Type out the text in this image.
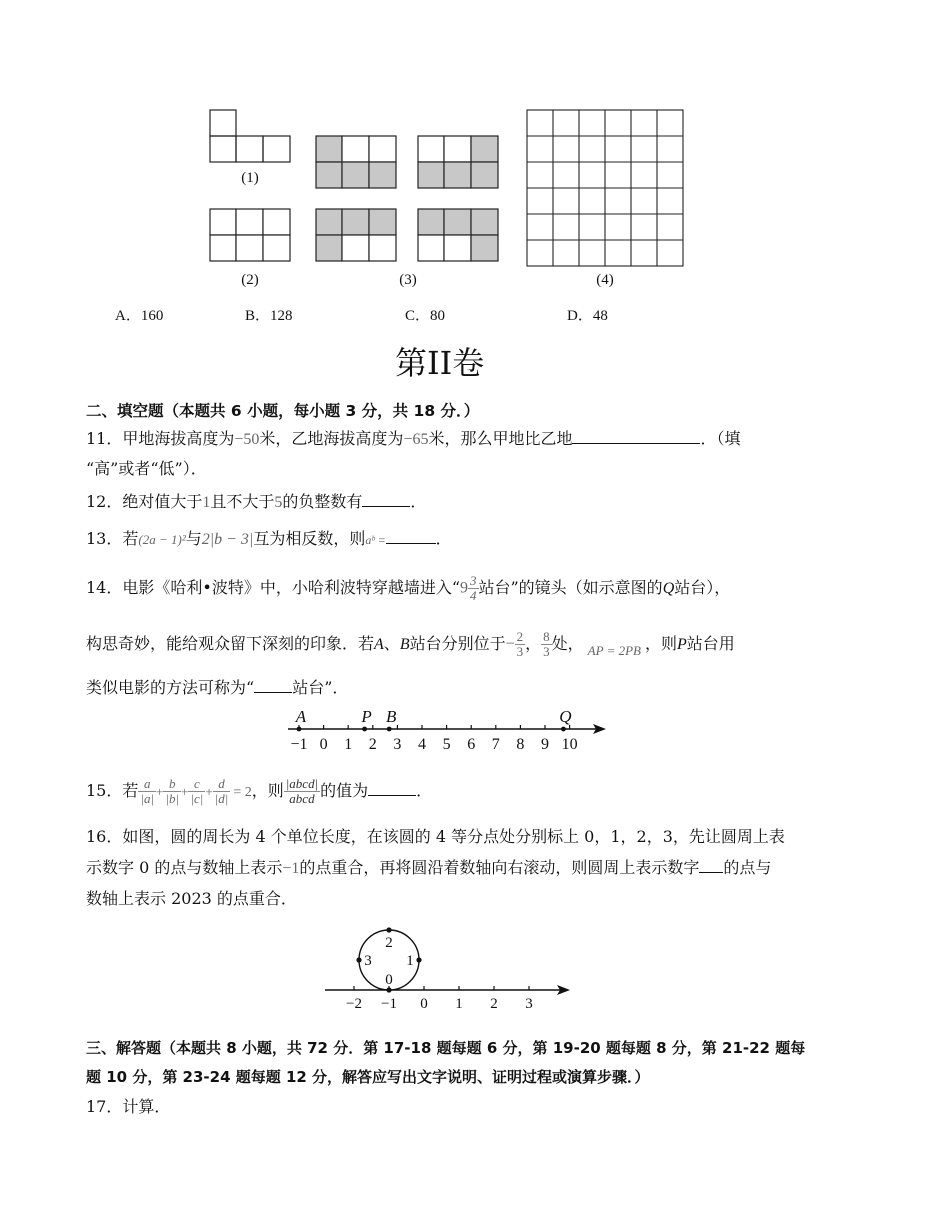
(1)
(2)	(3)	(4)
A．160	B．128	C．80	D．48
第II卷
二、填空题（本题共 6 小题，每小题 3 分，共 18 分．）
11．甲地海拔高度为−50米，乙地海拔高度为−65米，那么甲地比乙地	．（填
“高”或者“低”）．
12．绝对值大于1且不大于5的负整数有	．
13．若(2a − 1)²与2|b − 3|互为相反数，则aᵇ =	．
14．电影《哈利•波特》中，小哈利波特穿越墙进入“$9 \frac{3}{4}$ 站台”的镜头（如示意图的Q站台），
构思奇妙，能给观众留下深刻的印象．若A、B站台分别位于− $\frac{2}{3}$ ， $\frac{8}{3}$ 处， $_{AP = 2PB}$ ，则P站台用
类似电影的方法可称为“ 站台”．
A	P B	Q
−1 0 1 2 3 4 5 6 7 8 9 10
15．若 $\frac{a}{|a|} + \frac{b}{|b|} + \frac{c}{|c|} + \frac{d}{|d|} = 2$，则 $\frac{\text{|abcd|}}{\text{abcd}}$ 的值为	．
16．如图，圆的周长为 4 个单位长度，在该圆的 4 等分点处分别标上 0，1，2，3，先让圆周上表
示数字 0 的点与数轴上表示−1的点重合，再将圆沿着数轴向右滚动，则圆周上表示数字 的点与
数轴上表示 2023 的点重合．
0
1
2
3
−2 −1 0 1 2 3
三、解答题（本题共 8 小题，共 72 分．第 17-18 题每题 6 分，第 19-20 题每题 8 分，第 21-22 题每
题 10 分，第 23-24 题每题 12 分，解答应写出文字说明、证明过程或演算步骤．）
17．计算．
